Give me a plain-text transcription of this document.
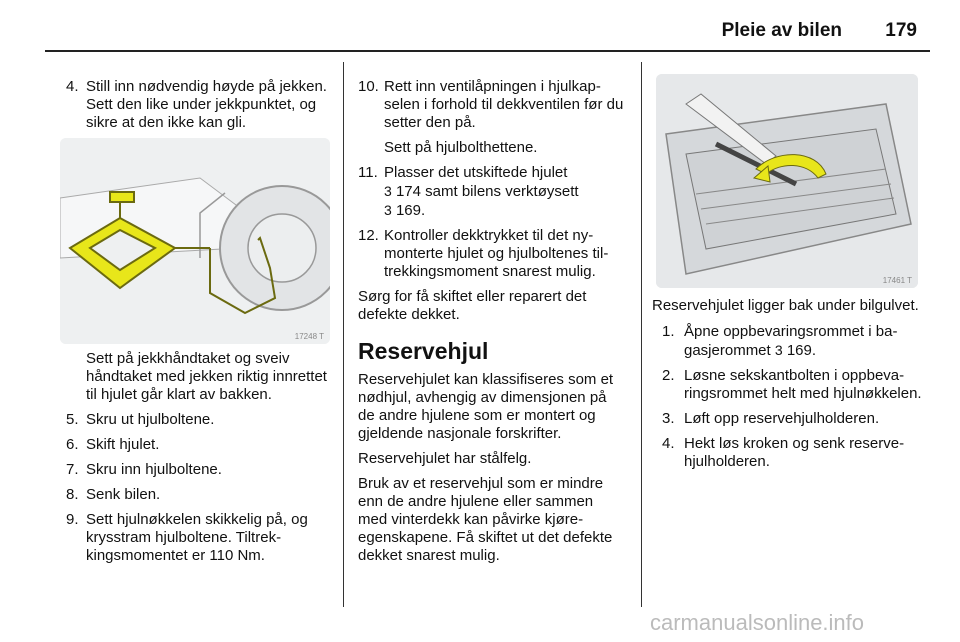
Pleie av bilen 179
4. Still inn nødvendig høyde på jekken. Sett den like under jekkpunktet, og sikre at den ikke kan gli.
17248 T
Sett på jekkhåndtaket og sveiv håndtaket med jekken riktig innrettet til hjulet går klart av bakken.
5. Skru ut hjulboltene.
6. Skift hjulet.
7. Skru inn hjulboltene.
8. Senk bilen.
9. Sett hjulnøkkelen skikkelig på, og krysstram hjulboltene. Tiltrekkingsmomentet er 110 Nm.
10. Rett inn ventilåpningen i hjulkapselen i forhold til dekkventilen før du setter den på.
Sett på hjulbolthettene.
11. Plasser det utskiftede hjulet
3 174 samt bilens verktøysett
3 169.
12. Kontroller dekktrykket til det nymonterte hjulet og hjulboltenes tiltrekkingsmoment snarest mulig.
Sørg for få skiftet eller reparert det defekte dekket.
Reservehjul
Reservehjulet kan klassifiseres som et nødhjul, avhengig av dimensjonen på de andre hjulene som er montert og gjeldende nasjonale forskrifter.
Reservehjulet har stålfelg.
Bruk av et reservehjul som er mindre enn de andre hjulene eller sammen med vinterdekk kan påvirke kjøreegenskapene. Få skiftet ut det defekte dekket snarest mulig.
17461 T
Reservehjulet ligger bak under bilgulvet.
1. Åpne oppbevaringsrommet i bagasjerommet 3 169.
2. Løsne sekskantbolten i oppbevaringsrommet helt med hjulnøkkelen.
3. Løft opp reservehjulholderen.
4. Hekt løs kroken og senk reservehjulholderen.
carmanualsonline.info
